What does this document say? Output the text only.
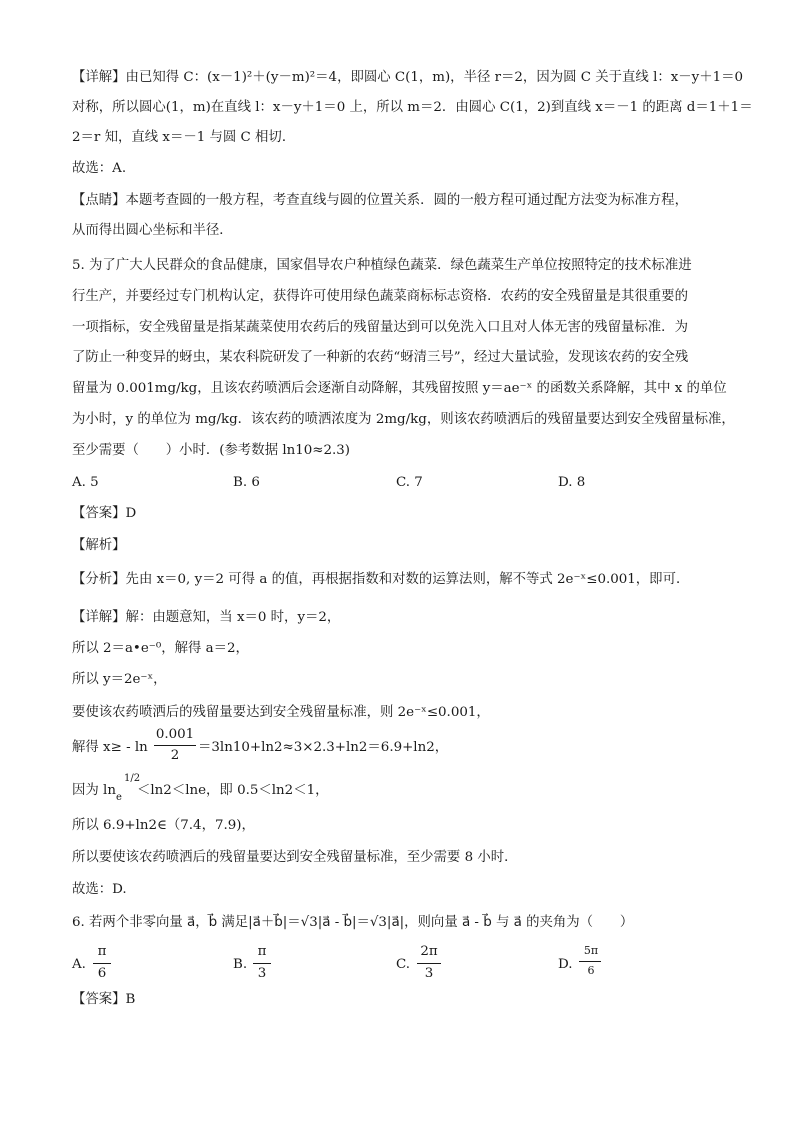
【详解】由已知得 C：(x－1)²＋(y－m)²＝4，即圆心 C(1，m)，半径 r＝2，因为圆 C 关于直线 l：x－y＋1＝0
对称，所以圆心(1，m)在直线 l：x－y＋1＝0 上，所以 m＝2．由圆心 C(1，2)到直线 x＝－1 的距离 d＝1＋1＝
2＝r 知，直线 x＝－1 与圆 C 相切．
故选：A.
【点睛】本题考查圆的一般方程，考查直线与圆的位置关系．圆的一般方程可通过配方法变为标准方程，
从而得出圆心坐标和半径．
5. 为了广大人民群众的食品健康，国家倡导农户种植绿色蔬菜．绿色蔬菜生产单位按照特定的技术标准进
行生产，并要经过专门机构认定，获得许可使用绿色蔬菜商标标志资格．农药的安全残留量是其很重要的
一项指标，安全残留量是指某蔬菜使用农药后的残留量达到可以免洗入口且对人体无害的残留量标准．为
了防止一种变异的蚜虫，某农科院研发了一种新的农药“蚜清三号”，经过大量试验，发现该农药的安全残
留量为 0.001mg/kg，且该农药喷洒后会逐渐自动降解，其残留按照 y＝ae⁻ˣ 的函数关系降解，其中 x 的单位
为小时，y 的单位为 mg/kg．该农药的喷洒浓度为 2mg/kg，则该农药喷洒后的残留量要达到安全残留量标准，
至少需要（　　）小时．(参考数据 ln10≈2.3)
A. 5	B. 6	C. 7	D. 8
【答案】D
【解析】
【分析】先由 x＝0, y＝2 可得 a 的值，再根据指数和对数的运算法则，解不等式 2e⁻ˣ≤0.001，即可．
【详解】解：由题意知，当 x＝0 时，y＝2，
所以 2＝a•e⁻⁰，解得 a＝2，
所以 y＝2e⁻ˣ，
要使该农药喷洒后的残留量要达到安全残留量标准，则 2e⁻ˣ≤0.001，
解得 x≥ - ln
0.001
2
＝3ln10+ln2≈3×2.3+ln2＝6.9+ln2，
因为 ln e
1/2
＜ln2＜lne，即 0.5＜ln2＜1，
所以 6.9+ln2∈（7.4，7.9)，
所以要使该农药喷洒后的残留量要达到安全残留量标准，至少需要 8 小时．
故选：D.
6. 若两个非零向量 a⃗，b⃗ 满足|a⃗＋b⃗|＝√3|a⃗ - b⃗|＝√3|a⃗|，则向量 a⃗ - b⃗ 与 a⃗ 的夹角为（　　）
A.
π
6
B.
π
3
C.
2π
3
D.
5π
6
【答案】B
